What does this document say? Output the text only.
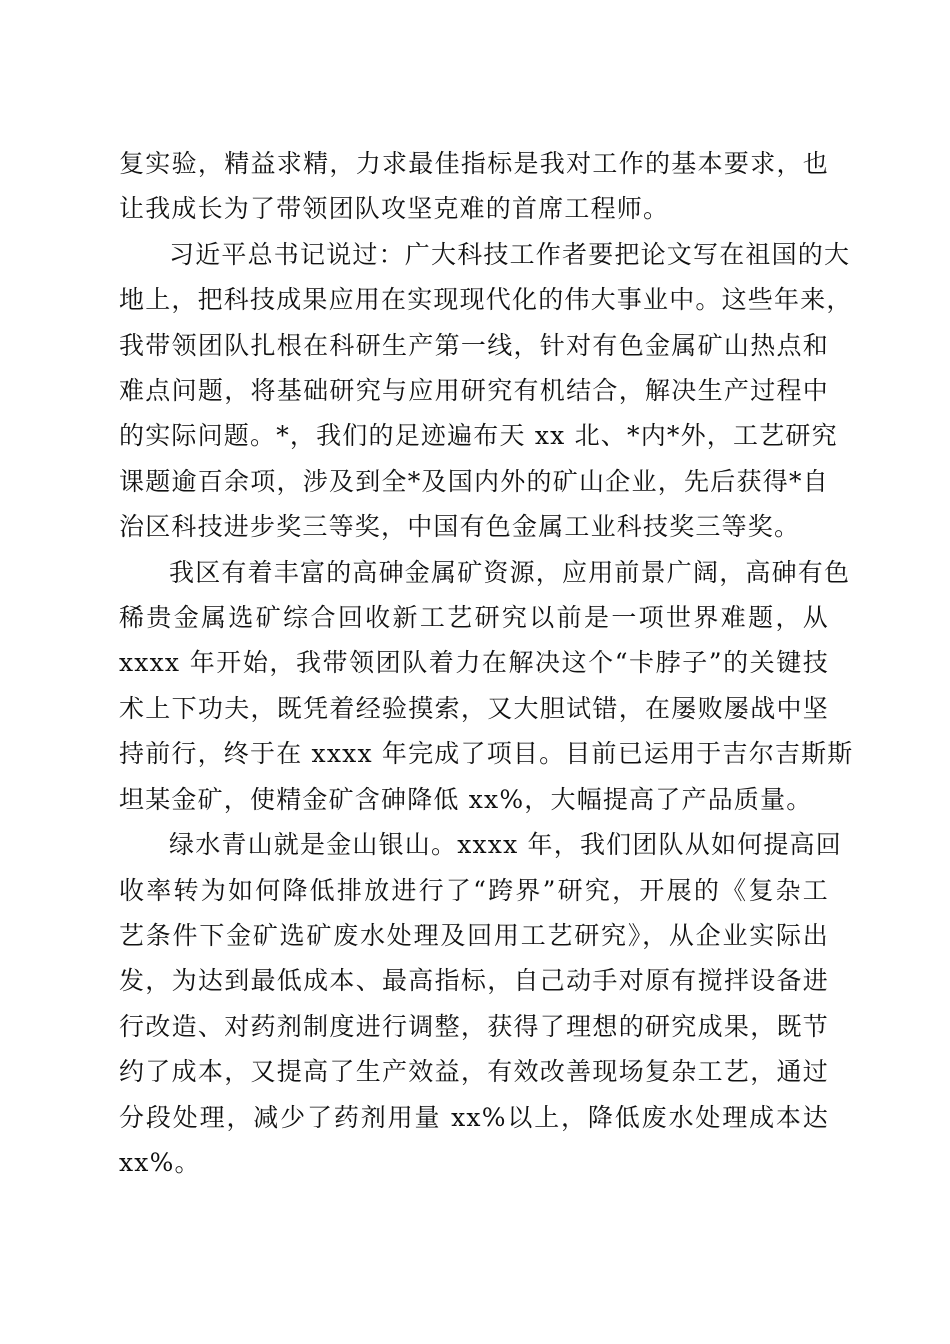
复实验，精益求精，力求最佳指标是我对工作的基本要求，也
让我成长为了带领团队攻坚克难的首席工程师。
习近平总书记说过：广大科技工作者要把论文写在祖国的大
地上，把科技成果应用在实现现代化的伟大事业中。这些年来，
我带领团队扎根在科研生产第一线，针对有色金属矿山热点和
难点问题，将基础研究与应用研究有机结合，解决生产过程中
的实际问题。*，我们的足迹遍布天 xx 北、*内*外，工艺研究
课题逾百余项，涉及到全*及国内外的矿山企业，先后获得*自
治区科技进步奖三等奖，中国有色金属工业科技奖三等奖。
我区有着丰富的高砷金属矿资源，应用前景广阔，高砷有色
稀贵金属选矿综合回收新工艺研究以前是一项世界难题，从
xxxx 年开始，我带领团队着力在解决这个“卡脖子”的关键技
术上下功夫，既凭着经验摸索，又大胆试错，在屡败屡战中坚
持前行，终于在 xxxx 年完成了项目。目前已运用于吉尔吉斯斯
坦某金矿，使精金矿含砷降低 xx%，大幅提高了产品质量。
绿水青山就是金山银山。xxxx 年，我们团队从如何提高回
收率转为如何降低排放进行了“跨界”研究，开展的《复杂工
艺条件下金矿选矿废水处理及回用工艺研究》，从企业实际出
发，为达到最低成本、最高指标，自己动手对原有搅拌设备进
行改造、对药剂制度进行调整，获得了理想的研究成果，既节
约了成本，又提高了生产效益，有效改善现场复杂工艺，通过
分段处理，减少了药剂用量 xx%以上，降低废水处理成本达
xx%。
